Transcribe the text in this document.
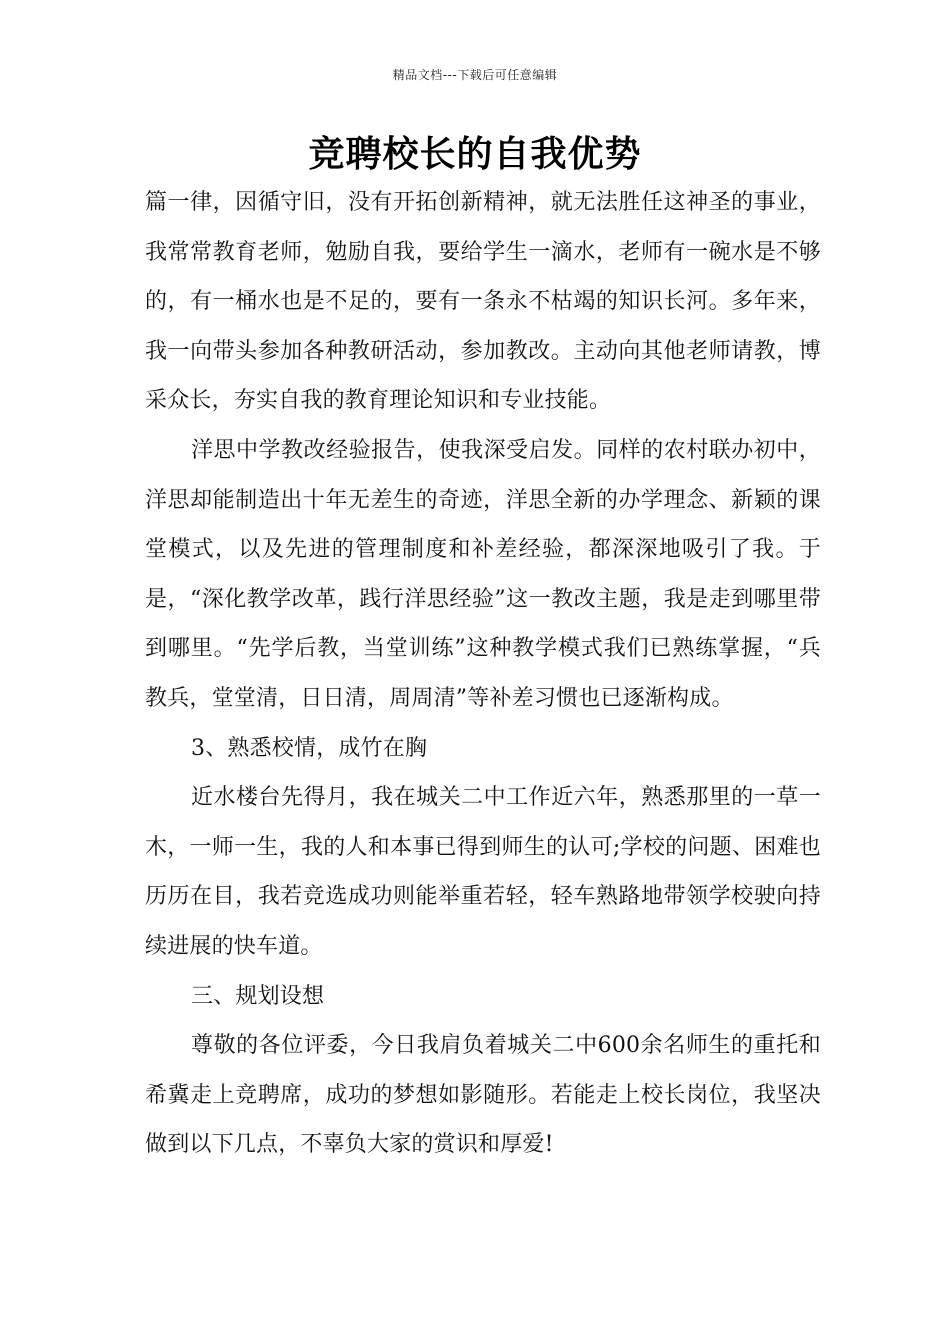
精品文档---下载后可任意编辑
竞聘校长的自我优势

篇一律，因循守旧，没有开拓创新精神，就无法胜任这神圣的事业，我常常教育老师，勉励自我，要给学生一滴水，老师有一碗水是不够的，有一桶水也是不足的，要有一条永不枯竭的知识长河。多年来，我一向带头参加各种教研活动，参加教改。主动向其他老师请教，博采众长，夯实自我的教育理论知识和专业技能。

洋思中学教改经验报告，使我深受启发。同样的农村联办初中，洋思却能制造出十年无差生的奇迹，洋思全新的办学理念、新颖的课堂模式，以及先进的管理制度和补差经验，都深深地吸引了我。于是，“深化教学改革，践行洋思经验”这一教改主题，我是走到哪里带到哪里。“先学后教，当堂训练”这种教学模式我们已熟练掌握，“兵教兵，堂堂清，日日清，周周清”等补差习惯也已逐渐构成。

3、熟悉校情，成竹在胸

近水楼台先得月，我在城关二中工作近六年，熟悉那里的一草一木，一师一生，我的人和本事已得到师生的认可;学校的问题、困难也历历在目，我若竞选成功则能举重若轻，轻车熟路地带领学校驶向持续进展的快车道。

三、规划设想

尊敬的各位评委，今日我肩负着城关二中600余名师生的重托和希冀走上竞聘席，成功的梦想如影随形。若能走上校长岗位，我坚决做到以下几点，不辜负大家的赏识和厚爱!
